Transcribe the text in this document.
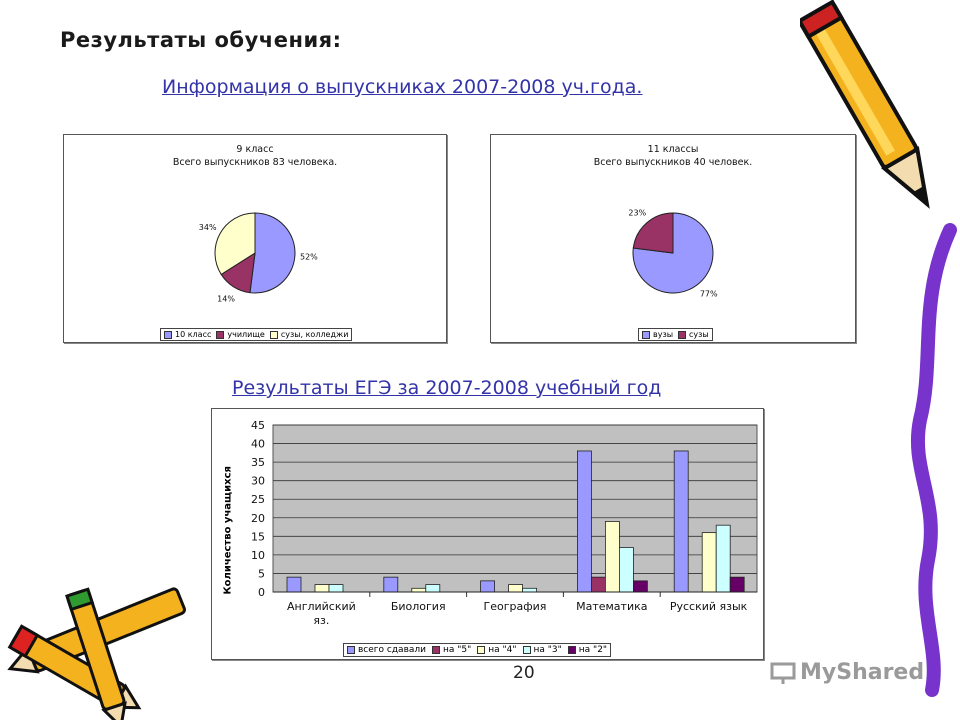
Результаты обучения:
Информация о выпускниках 2007-2008 уч.года.
9 класс
Всего выпускников 83 человека.
52%
14%
34%
10 класс училище сузы, колледжи
11 классы
Всего выпускников 40 человек.
77%
23%
вузы сузы
Результаты ЕГЭ за 2007-2008 учебный год
0
5
10
15
20
25
30
35
40
45
Английский
яз.
Биология	География	Математика Русский язык
Количество учащихся
всего сдавали на "5" на "4" на "3" на "2"
20	MyShared
